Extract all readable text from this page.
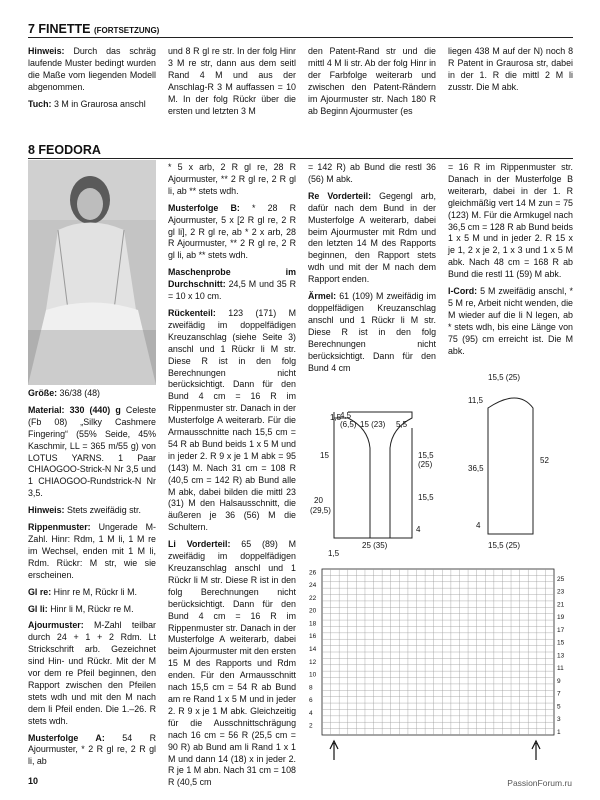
7 FINETTE (FORTSETZUNG)

Hinweis: Durch das schräg laufende Muster bedingt wurden die Maße vom liegenden Modell abgenommen.

Tuch: 3 M in Graurosa anschl

und 8 R gl re str. In der folg Hinr 3 M re str, dann aus dem seitl Rand 4 M und aus der Anschlag-R 3 M auffassen = 10 M. In der folg Rückr über die ersten und letzten 3 M

den Patent-Rand str und die mittl 4 M li str. Ab der folg Hinr in der Farbfolge weiterarb und zwischen den Patent-Rändern im Ajourmuster str. Nach 180 R ab Beginn Ajourmuster (es

liegen 438 M auf der N) noch 8 R Patent in Graurosa str, dabei in der 1. R die mittl 2 M li zusstr. Die M abk.

8 FEODORA

Größe: 36/38 (48)

Material: 330 (440) g Celeste (Fb 08) „Silky Cashmere Fingering“ (55% Seide, 45% Kaschmir, LL = 365 m/55 g) von LOTUS YARNS. 1 Paar CHIAOGOO-Strick-N Nr 3,5 und 1 CHIAOGOO-Rundstrick-N Nr 3,5.

Hinweis: Stets zweifädig str.

Rippenmuster: Ungerade M-Zahl. Hinr: Rdm, 1 M li, 1 M re im Wechsel, enden mit 1 M li, Rdm. Rückr: M str, wie sie erscheinen.

Gl re: Hinr re M, Rückr li M.

Gl li: Hinr li M, Rückr re M.

Ajourmuster: M-Zahl teilbar durch 24 + 1 + 2 Rdm. Lt Strickschrift arb. Gezeichnet sind Hin- und Rückr. Mit der M vor dem re Pfeil beginnen, den Rapport zwischen den Pfeilen stets wdh und mit den M nach dem li Pfeil enden. Die 1.–26. R stets wdh.

Musterfolge A: 54 R Ajourmuster, * 2 R gl re, 2 R gl li, ab

* 5 x arb, 2 R gl re, 28 R Ajourmuster, ** 2 R gl re, 2 R gl li, ab ** stets wdh.

Musterfolge B: * 28 R Ajourmuster, 5 x [2 R gl re, 2 R gl li], 2 R gl re, ab * 2 x arb, 28 R Ajourmuster, ** 2 R gl re, 2 R gl li, ab ** stets wdh.

Maschenprobe im Durchschnitt: 24,5 M und 35 R = 10 x 10 cm.

Rückenteil: 123 (171) M zweifädig im doppelfädigen Kreuzanschlag (siehe Seite 3) anschl und 1 Rückr li M str. Diese R ist in den folg Berechnungen nicht berücksichtigt. Dann für den Bund 4 cm = 16 R im Rippenmuster str. Danach in der Musterfolge A weiterarb. Für die Armausschnitte nach 15,5 cm = 54 R ab Bund beids 1 x 5 M und in jeder 2. R 9 x je 1 M abk = 95 (143) M. Nach 31 cm = 108 R (40,5 cm = 142 R) ab Bund alle M abk, dabei bilden die mittl 23 (31) M den Halsausschnitt, die äußeren je 36 (56) M die Schultern.

Li Vorderteil: 65 (89) M zweifädig im doppelfädigen Kreuzanschlag anschl und 1 Rückr li M str. Diese R ist in den folg Berechnungen nicht berücksichtigt. Dann für den Bund 4 cm = 16 R im Rippenmuster str. Danach in der Musterfolge A weiterarb, dabei beim Ajourmuster mit den ersten 15 M des Rapports und Rdm enden. Für den Armausschnitt nach 15,5 cm = 54 R ab Bund am re Rand 1 x 5 M und in jeder 2. R 9 x je 1 M abk. Gleichzeitig für die Ausschnittschrägung nach 16 cm = 56 R (25,5 cm = 90 R) ab Bund am li Rand 1 x 1 M und dann 14 (18) x in jeder 2. R je 1 M abn. Nach 31 cm = 108 R (40,5 cm

= 142 R) ab Bund die restl 36 (56) M abk.

Re Vorderteil: Gegengl arb, dafür nach dem Bund in der Musterfolge A weiterarb, dabei beim Ajourmuster mit Rdm und den letzten 14 M des Rapports beginnen, den Rapport stets wdh und mit der M nach dem Rapport enden.

Ärmel: 61 (109) M zweifädig im doppelfädigen Kreuzanschlag anschl und 1 Rückr li M str. Diese R ist in den folg Berechnungen nicht berücksichtigt. Dann für den Bund 4 cm

= 16 R im Rippenmuster str. Danach in der Musterfolge B weiterarb, dabei in der 1. R gleichmäßig vert 14 M zun = 75 (123) M. Für die Armkugel nach 36,5 cm = 128 R ab Bund beids 1 x 5 M und in jeder 2. R 15 x je 1, 2 x je 2, 1 x 3 und 1 x 5 M abk. Nach 48 cm = 168 R ab Bund die restl 11 (59) M abk.

I-Cord: 5 M zweifädig anschl, * 5 M re, Arbeit nicht wenden, die M wieder auf die li N legen, ab * stets wdh, bis eine Länge von 75 (95) cm erreicht ist. Die M abk.

1,5
4,5
(6,5) 15 (23) 5,5
15	15,5
(25)
15,5
20
(29,5)
4
1,5
25 (35)
15,5 (25)
11,5
36,5
52
4
15,5 (25)
26
24
22
20
18
16
14
12
10
8
6
4
2
25
23
21
19
17
15
13
11
9
7
5
3
1
10	PassionForum.ru
